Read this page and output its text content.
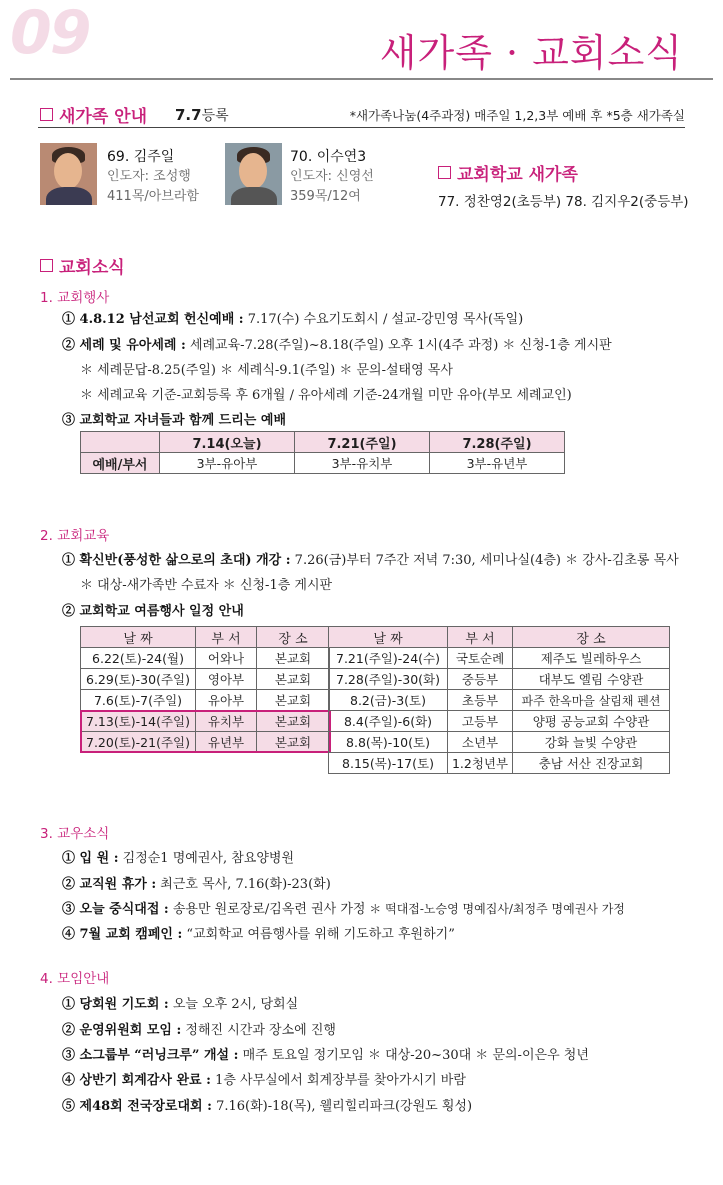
09	새가족 · 교회소식
새가족 안내 7.7등록	*새가족나눔(4주과정) 매주일 1,2,3부 예배 후 *5층 새가족실
69. 김주일
인도자: 조성행
411목/아브라함
70. 이수연3
인도자: 신영선
359목/12여
교회학교 새가족
77. 정찬영2(초등부) 78. 김지우2(중등부)
교회소식
1. 교회행사
① 4.8.12 남선교회 헌신예배 : 7.17(수) 수요기도회시 / 설교-강민영 목사(독일)
② 세례 및 유아세례 : 세례교육-7.28(주일)~8.18(주일) 오후 1시(4주 과정) ＊ 신청-1층 게시판
＊ 세례문답-8.25(주일) ＊ 세례식-9.1(주일) ＊ 문의-설태영 목사
＊ 세례교육 기준-교회등록 후 6개월 / 유아세례 기준-24개월 미만 유아(부모 세례교인)
③ 교회학교 자녀들과 함께 드리는 예배
	7.14(오늘)	7.21(주일)	7.28(주일)
예배/부서	3부-유아부	3부-유치부	3부-유년부
2. 교회교육
① 확신반(풍성한 삶으로의 초대) 개강 : 7.26(금)부터 7주간 저녁 7:30, 세미나실(4층) ＊ 강사-김초롱 목사
＊ 대상-새가족반 수료자 ＊ 신청-1층 게시판
② 교회학교 여름행사 일정 안내
날 짜	부 서	장 소
6.22(토)-24(월)	어와나	본교회
6.29(토)-30(주일)	영아부	본교회
7.6(토)-7(주일)	유아부	본교회
7.13(토)-14(주일)	유치부	본교회
7.20(토)-21(주일)	유년부	본교회
날 짜	부 서	장 소
7.21(주일)-24(수)	국토순례	제주도 빌레하우스
7.28(주일)-30(화)	중등부	대부도 엘림 수양관
8.2(금)-3(토)	초등부	파주 한옥마을 살림채 펜션
8.4(주일)-6(화)	고등부	양평 공능교회 수양관
8.8(목)-10(토)	소년부	강화 늘빛 수양관
8.15(목)-17(토)	1.2청년부	충남 서산 진장교회
3. 교우소식
① 입 원 : 김정순1 명예권사, 참요양병원
② 교직원 휴가 : 최근호 목사, 7.16(화)-23(화)
③ 오늘 중식대접 : 송용만 원로장로/김옥련 권사 가정 ＊ 떡대접-노승영 명예집사/최정주 명예권사 가정
④ 7월 교회 캠페인 : “교회학교 여름행사를 위해 기도하고 후원하기”
4. 모임안내
① 당회원 기도회 : 오늘 오후 2시, 당회실
② 운영위원회 모임 : 정해진 시간과 장소에 진행
③ 소그룹부 “러닝크루” 개설 : 매주 토요일 정기모임 ＊ 대상-20~30대 ＊ 문의-이은우 청년
④ 상반기 회계감사 완료 : 1층 사무실에서 회계장부를 찾아가시기 바람
⑤ 제48회 전국장로대회 : 7.16(화)-18(목), 웰리힐리파크(강원도 횡성)
